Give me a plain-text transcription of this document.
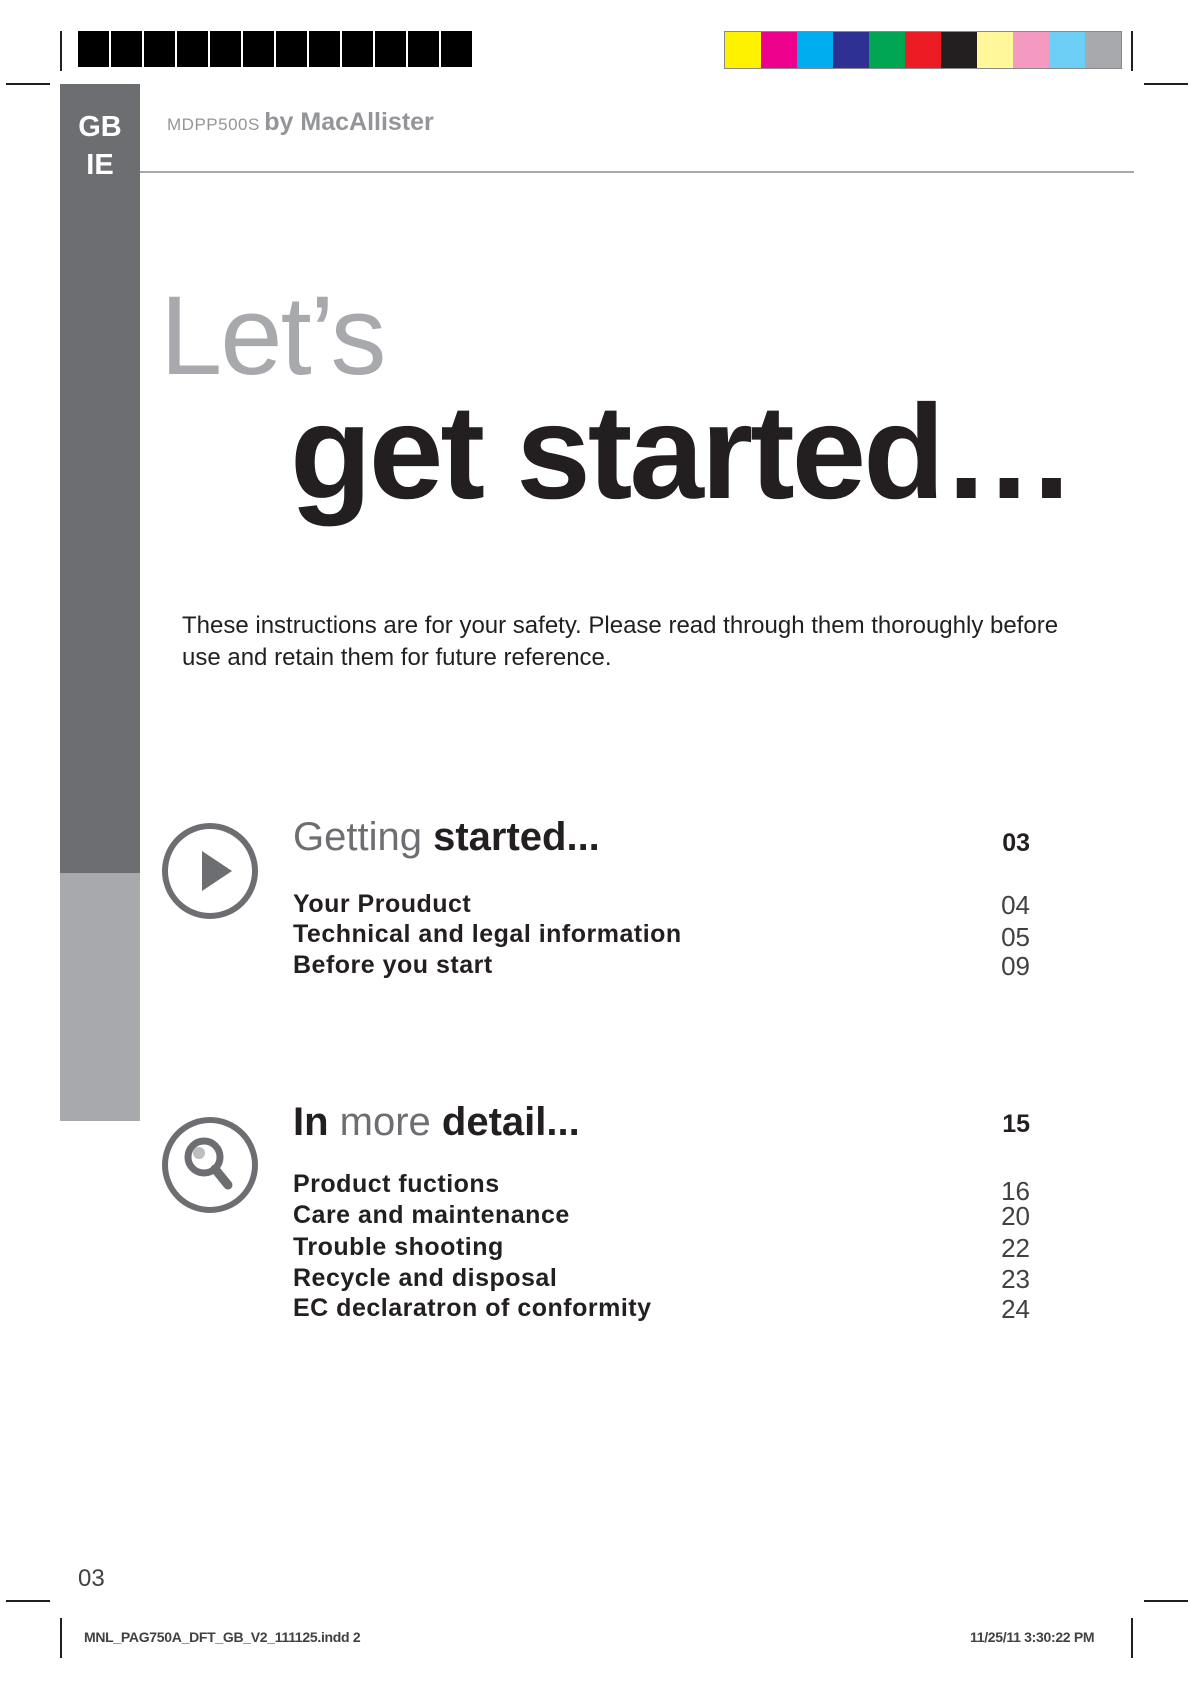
GB
IE
MDPP500S by MacAllister
Let’s
get started…
These instructions are for your safety. Please read through them thoroughly before use and retain them for future reference.
Getting started...	03
Your Prouduct	04
Technical and legal information	05
Before you start	09
In more detail...	15
Product fuctions	16
Care and maintenance	20
Trouble shooting	22
Recycle and disposal	23
EC declaratron of conformity	24
03
MNL_PAG750A_DFT_GB_V2_111125.indd 2	11/25/11 3:30:22 PM
